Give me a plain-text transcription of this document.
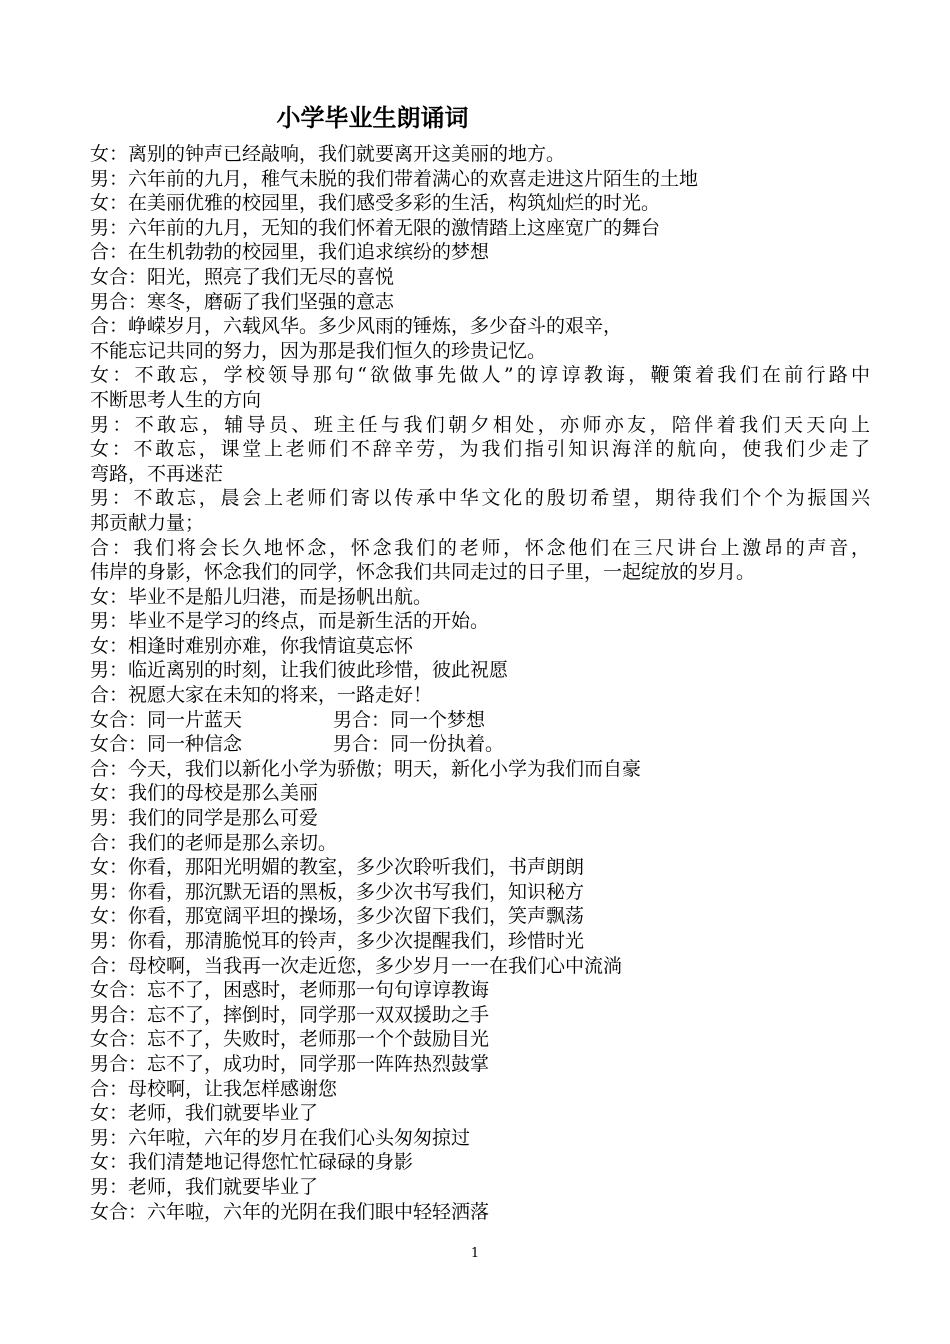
小学毕业生朗诵词
女：离别的钟声已经敲响，我们就要离开这美丽的地方。
男：六年前的九月，稚气未脱的我们带着满心的欢喜走进这片陌生的土地
女：在美丽优雅的校园里，我们感受多彩的生活，构筑灿烂的时光。
男：六年前的九月，无知的我们怀着无限的激情踏上这座宽广的舞台
合：在生机勃勃的校园里，我们追求缤纷的梦想
女合：阳光，照亮了我们无尽的喜悦
男合：寒冬，磨砺了我们坚强的意志
合：峥嵘岁月，六载风华。多少风雨的锤炼，多少奋斗的艰辛，
不能忘记共同的努力，因为那是我们恒久的珍贵记忆。
女：不敢忘，学校领导那句“欲做事先做人”的谆谆教诲，鞭策着我们在前行路中
不断思考人生的方向
男：不敢忘，辅导员、班主任与我们朝夕相处，亦师亦友，陪伴着我们天天向上
女：不敢忘，课堂上老师们不辞辛劳，为我们指引知识海洋的航向，使我们少走了
弯路，不再迷茫
男：不敢忘，晨会上老师们寄以传承中华文化的殷切希望，期待我们个个为振国兴
邦贡献力量；
合：我们将会长久地怀念，怀念我们的老师，怀念他们在三尺讲台上激昂的声音，
伟岸的身影，怀念我们的同学，怀念我们共同走过的日子里，一起绽放的岁月。
女：毕业不是船儿归港，而是扬帆出航。
男：毕业不是学习的终点，而是新生活的开始。
女：相逢时难别亦难，你我情谊莫忘怀
男：临近离别的时刻，让我们彼此珍惜，彼此祝愿
合：祝愿大家在未知的将来，一路走好！
女合：同一片蓝天	男合：同一个梦想
女合：同一种信念	男合：同一份执着。
合：今天，我们以新化小学为骄傲；明天，新化小学为我们而自豪
女：我们的母校是那么美丽
男：我们的同学是那么可爱
合：我们的老师是那么亲切。
女：你看，那阳光明媚的教室，多少次聆听我们，书声朗朗
男：你看，那沉默无语的黑板，多少次书写我们，知识秘方
女：你看，那宽阔平坦的操场，多少次留下我们，笑声飘荡
男：你看，那清脆悦耳的铃声，多少次提醒我们，珍惜时光
合：母校啊，当我再一次走近您，多少岁月一一在我们心中流淌
女合：忘不了，困惑时，老师那一句句谆谆教诲
男合：忘不了，摔倒时，同学那一双双援助之手
女合：忘不了，失败时，老师那一个个鼓励目光
男合：忘不了，成功时，同学那一阵阵热烈鼓掌
合：母校啊，让我怎样感谢您
女：老师，我们就要毕业了
男：六年啦，六年的岁月在我们心头匆匆掠过
女：我们清楚地记得您忙忙碌碌的身影
男：老师，我们就要毕业了
女合：六年啦，六年的光阴在我们眼中轻轻洒落
1
